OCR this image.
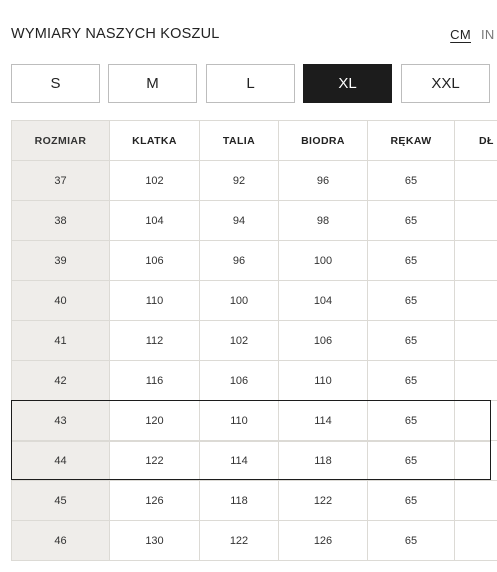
WYMIARY NASZYCH KOSZUL	CM IN
S	M	L	XL	XXL
ROZMIAR	KLATKA	TALIA	BIODRA	RĘKAW	DŁ
37	102	92	96	65	
38	104	94	98	65	
39	106	96	100	65	
40	110	100	104	65	
41	112	102	106	65	
42	116	106	110	65	
43	120	110	114	65	
44	122	114	118	65	
45	126	118	122	65	
46	130	122	126	65	
